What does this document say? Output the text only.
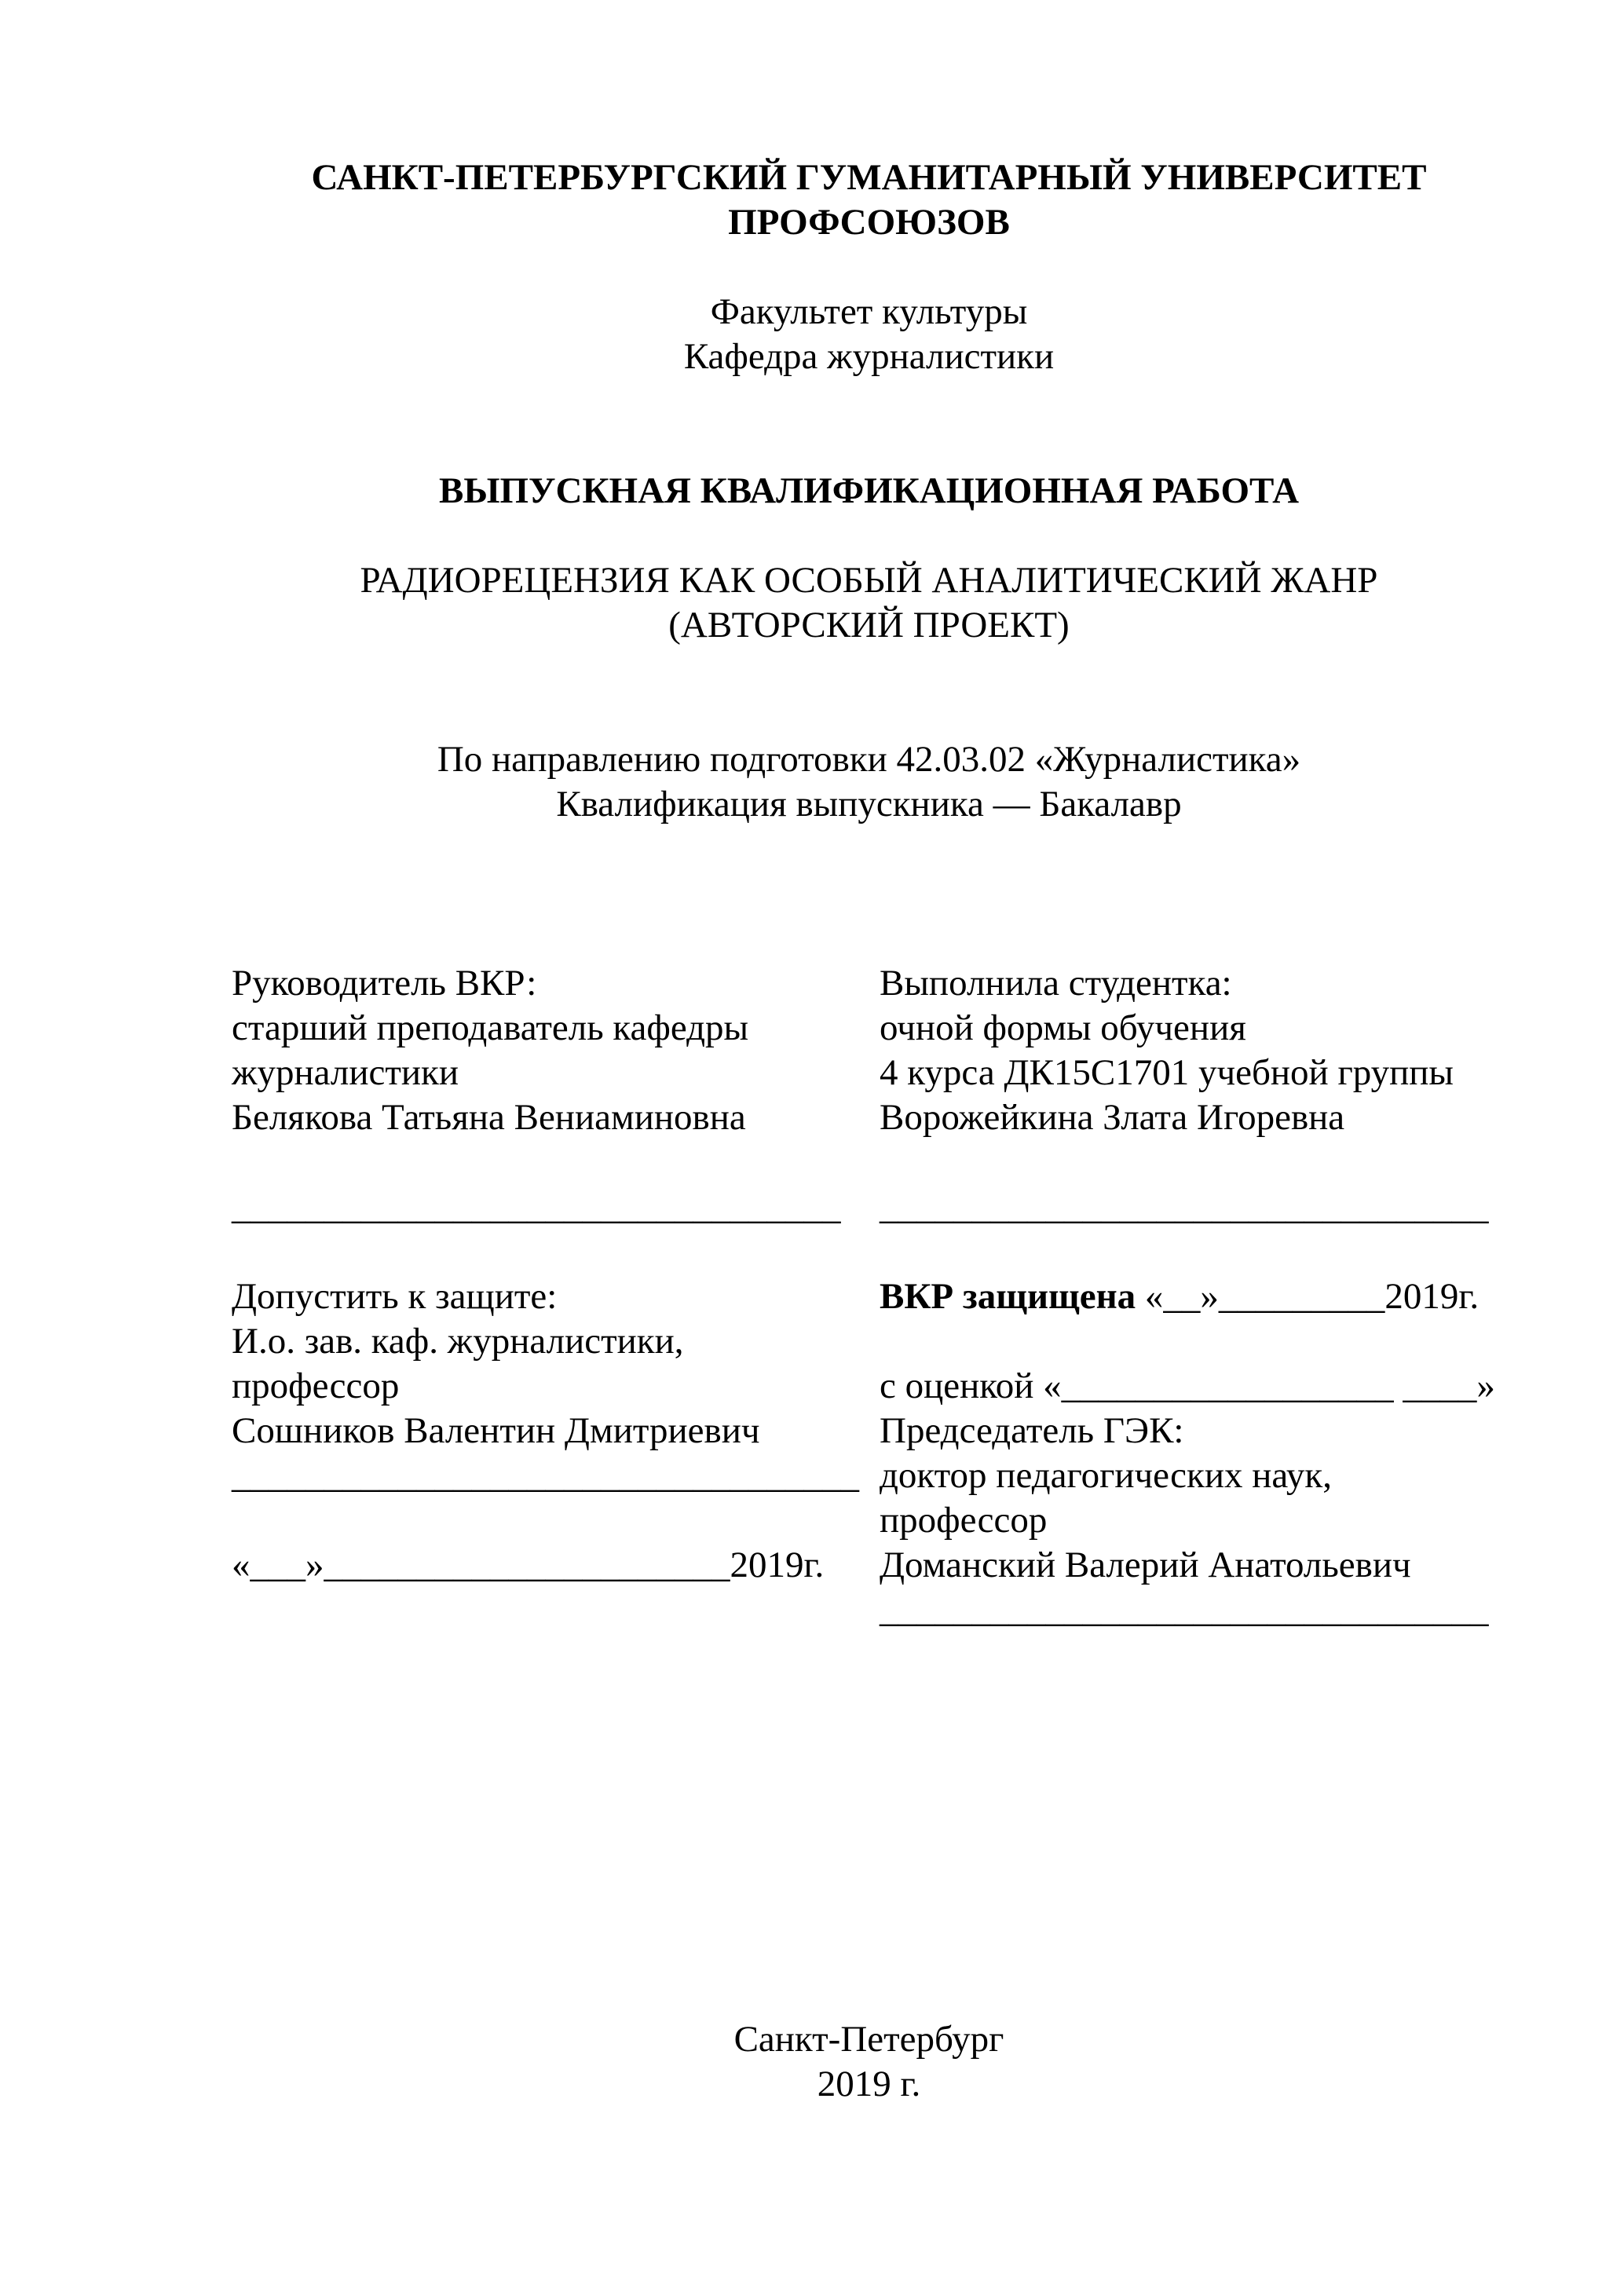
САНКТ-ПЕТЕРБУРГСКИЙ ГУМАНИТАРНЫЙ УНИВЕРСИТЕТ

ПРОФСОЮЗОВ

Факультет культуры

Кафедра журналистики

ВЫПУСКНАЯ КВАЛИФИКАЦИОННАЯ РАБОТА

РАДИОРЕЦЕНЗИЯ КАК ОСОБЫЙ АНАЛИТИЧЕСКИЙ ЖАНР

(АВТОРСКИЙ ПРОЕКТ)

По направлению подготовки 42.03.02 «Журналистика»

Квалификация выпускника — Бакалавр

Руководитель ВКР:

старший преподаватель кафедры

журналистики

Белякова Татьяна Вениаминовна

_________________________________

Выполнила студентка:

очной формы обучения

4 курса ДК15С1701 учебной группы

Ворожейкина Злата Игоревна

_________________________________

Допустить к защите:

И.о. зав. каф. журналистики,

профессор

Сошников Валентин Дмитриевич

__________________________________

«___»______________________2019г.

ВКР защищена «__»_________2019г.

с оценкой «__________________ ____»

Председатель ГЭК:

доктор педагогических наук,

профессор

Доманский Валерий Анатольевич

_________________________________

Санкт-Петербург

2019 г.
